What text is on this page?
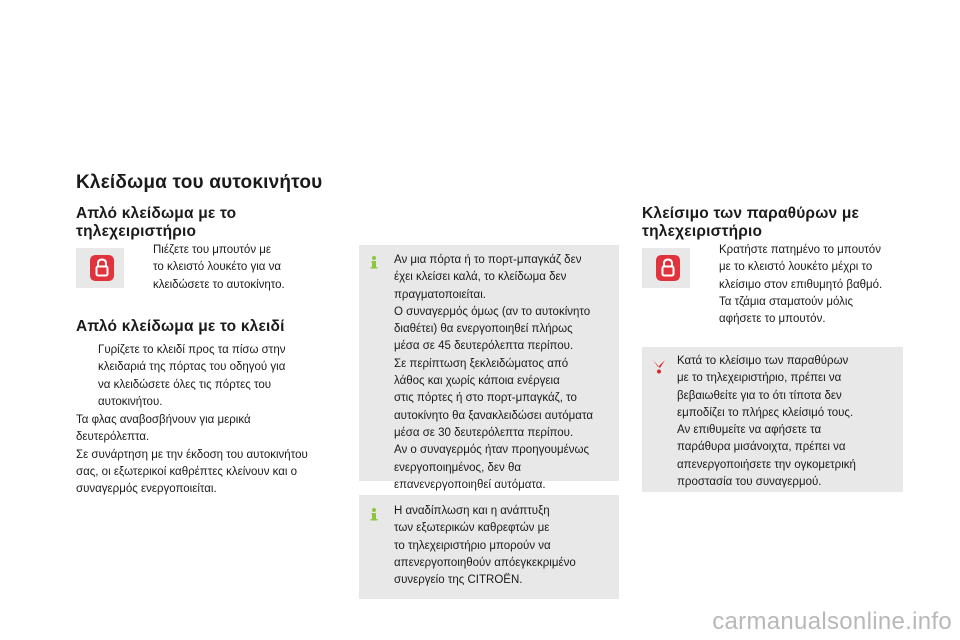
Κλείδωμα του αυτοκινήτου
Απλό κλείδωμα με το
τηλεχειριστήριο
Πιέζετε του μπουτόν με
το κλειστό λουκέτο για να
κλειδώσετε το αυτοκίνητο.
Απλό κλείδωμα με το κλειδί
Γυρίζετε το κλειδί προς τα πίσω στην
κλειδαριά της πόρτας του οδηγού για
να κλειδώσετε όλες τις πόρτες του
αυτοκινήτου.
Τα φλας αναβοσβήνουν για μερικά
δευτερόλεπτα.
Σε συνάρτηση με την έκδοση του αυτοκινήτου
σας, οι εξωτερικοί καθρέπτες κλείνουν και ο
συναγερμός ενεργοποιείται.
Αν μια πόρτα ή το πορτ-μπαγκάζ δεν
έχει κλείσει καλά, το κλείδωμα δεν
πραγματοποιείται.
Ο συναγερμός όμως (αν το αυτοκίνητο
διαθέτει) θα ενεργοποιηθεί πλήρως
μέσα σε 45 δευτερόλεπτα περίπου.
Σε περίπτωση ξεκλειδώματος από
λάθος και χωρίς κάποια ενέργεια
στις πόρτες ή στο πορτ-μπαγκάζ, το
αυτοκίνητο θα ξανακλειδώσει αυτόματα
μέσα σε 30 δευτερόλεπτα περίπου.
Αν ο συναγερμός ήταν προηγουμένως
ενεργοποιημένος, δεν θα
επανενεργοποιηθεί αυτόματα.
Η αναδίπλωση και η ανάπτυξη
των εξωτερικών καθρεφτών με
το τηλεχειριστήριο μπορούν να
απενεργοποιηθούν απόεγκεκριμένο
συνεργείο της CITROËN.
Κλείσιμο των παραθύρων με
τηλεχειριστήριο
Κρατήστε πατημένο το μπουτόν
με το κλειστό λουκέτο μέχρι το
κλείσιμο στον επιθυμητό βαθμό.
Τα τζάμια σταματούν μόλις
αφήσετε το μπουτόν.
Κατά το κλείσιμο των παραθύρων
με το τηλεχειριστήριο, πρέπει να
βεβαιωθείτε για το ότι τίποτα δεν
εμποδίζει το πλήρες κλείσιμό τους.
Αν επιθυμείτε να αφήσετε τα
παράθυρα μισάνοιχτα, πρέπει να
απενεργοποιήσετε την ογκομετρική
προστασία του συναγερμού.
carmanualsonline.info
